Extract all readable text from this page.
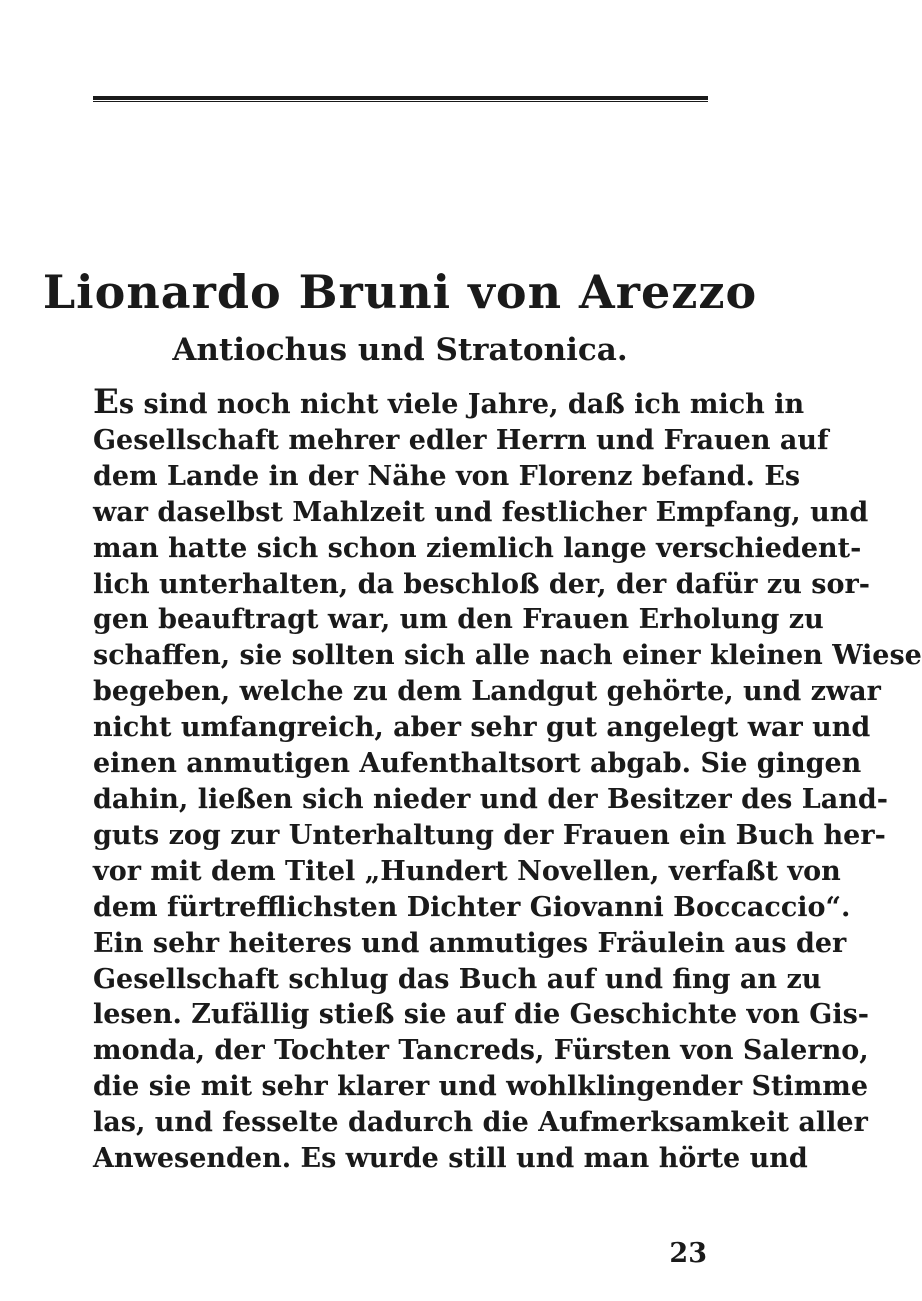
Lionardo Bruni von Arezzo
Antiochus und Stratonica.
Es sind noch nicht viele Jahre, daß ich mich in
Gesellschaft mehrer edler Herrn und Frauen auf
dem Lande in der Nähe von Florenz befand. Es
war daselbst Mahlzeit und festlicher Empfang, und
man hatte sich schon ziemlich lange verschiedent-
lich unterhalten, da beschloß der, der dafür zu sor-
gen beauftragt war, um den Frauen Erholung zu
schaffen, sie sollten sich alle nach einer kleinen Wiese
begeben, welche zu dem Landgut gehörte, und zwar
nicht umfangreich, aber sehr gut angelegt war und
einen anmutigen Aufenthaltsort abgab. Sie gingen
dahin, ließen sich nieder und der Besitzer des Land-
guts zog zur Unterhaltung der Frauen ein Buch her-
vor mit dem Titel „Hundert Novellen, verfaßt von
dem fürtrefflichsten Dichter Giovanni Boccaccio“.
Ein sehr heiteres und anmutiges Fräulein aus der
Gesellschaft schlug das Buch auf und fing an zu
lesen. Zufällig stieß sie auf die Geschichte von Gis-
monda, der Tochter Tancreds, Fürsten von Salerno,
die sie mit sehr klarer und wohlklingender Stimme
las, und fesselte dadurch die Aufmerksamkeit aller
Anwesenden. Es wurde still und man hörte und
23
